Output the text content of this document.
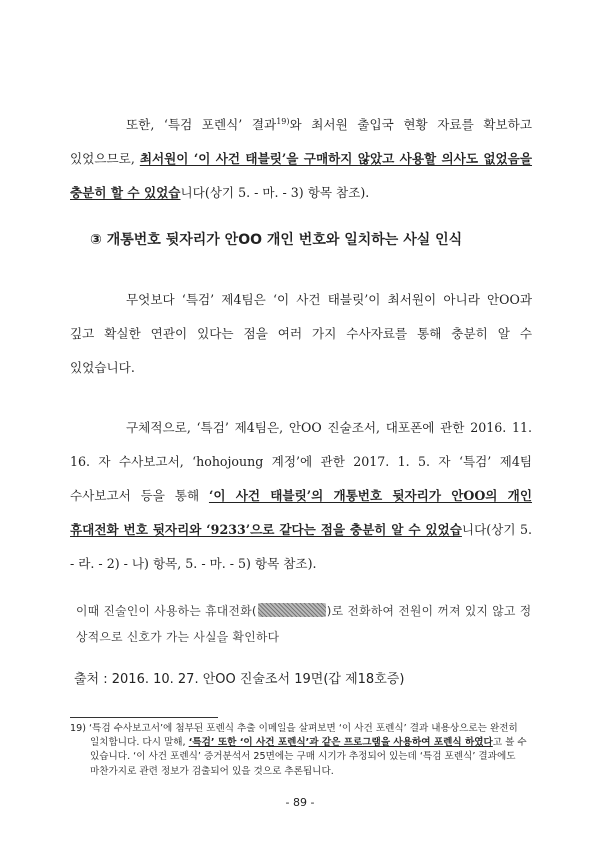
또한, ‘특검 포렌식’ 결과$^{19)}$와 최서원 출입국 현황 자료를 확보하고 있었으므로, 최서원이 ‘이 사건 태블릿’을 구매하지 않았고 사용할 의사도 없었음을 충분히 할 수 있었습니다(상기 5. - 마. - 3) 항목 참조).

③ 개통번호 뒷자리가 안OO 개인 번호와 일치하는 사실 인식

무엇보다 ‘특검’ 제4팀은 ‘이 사건 태블릿’이 최서원이 아니라 안OO과 깊고 확실한 연관이 있다는 점을 여러 가지 수사자료를 통해 충분히 알 수 있었습니다.

구체적으로, ‘특검’ 제4팀은, 안OO 진술조서, 대포폰에 관한 2016. 11. 16. 자 수사보고서, ‘hohojoung 계정’에 관한 2017. 1. 5. 자 ‘특검’ 제4팀 수사보고서 등을 통해 ‘이 사건 태블릿’의 개통번호 뒷자리가 안OO의 개인 휴대전화 번호 뒷자리와 ‘9233’으로 같다는 점을 충분히 알 수 있었습니다(상기 5. - 라. - 2) - 나) 항목, 5. - 마. - 5) 항목 참조).

이때 진술인이 사용하는 휴대전화(	)로 전화하여 전원이 꺼져 있지 않고 정상적으로 신호가 가는 사실을 확인하다
출처 : 2016. 10. 27. 안OO 진술조서 19면(갑 제18호증)
19) ‘특검 수사보고서’에 첨부된 포렌식 추출 이메일을 살펴보면 ‘이 사건 포렌식’ 결과 내용상으로는 완전히 일치합니다. 다시 말해, ‘특검’ 또한 ‘이 사건 포렌식’과 같은 프로그램을 사용하여 포렌식 하였다고 볼 수 있습니다. ‘이 사건 포렌식’ 증거분석서 25면에는 구매 시기가 추정되어 있는데 ‘특검 포렌식’ 결과에도 마찬가지로 관련 정보가 검출되어 있을 것으로 추론됩니다.
- 89 -
